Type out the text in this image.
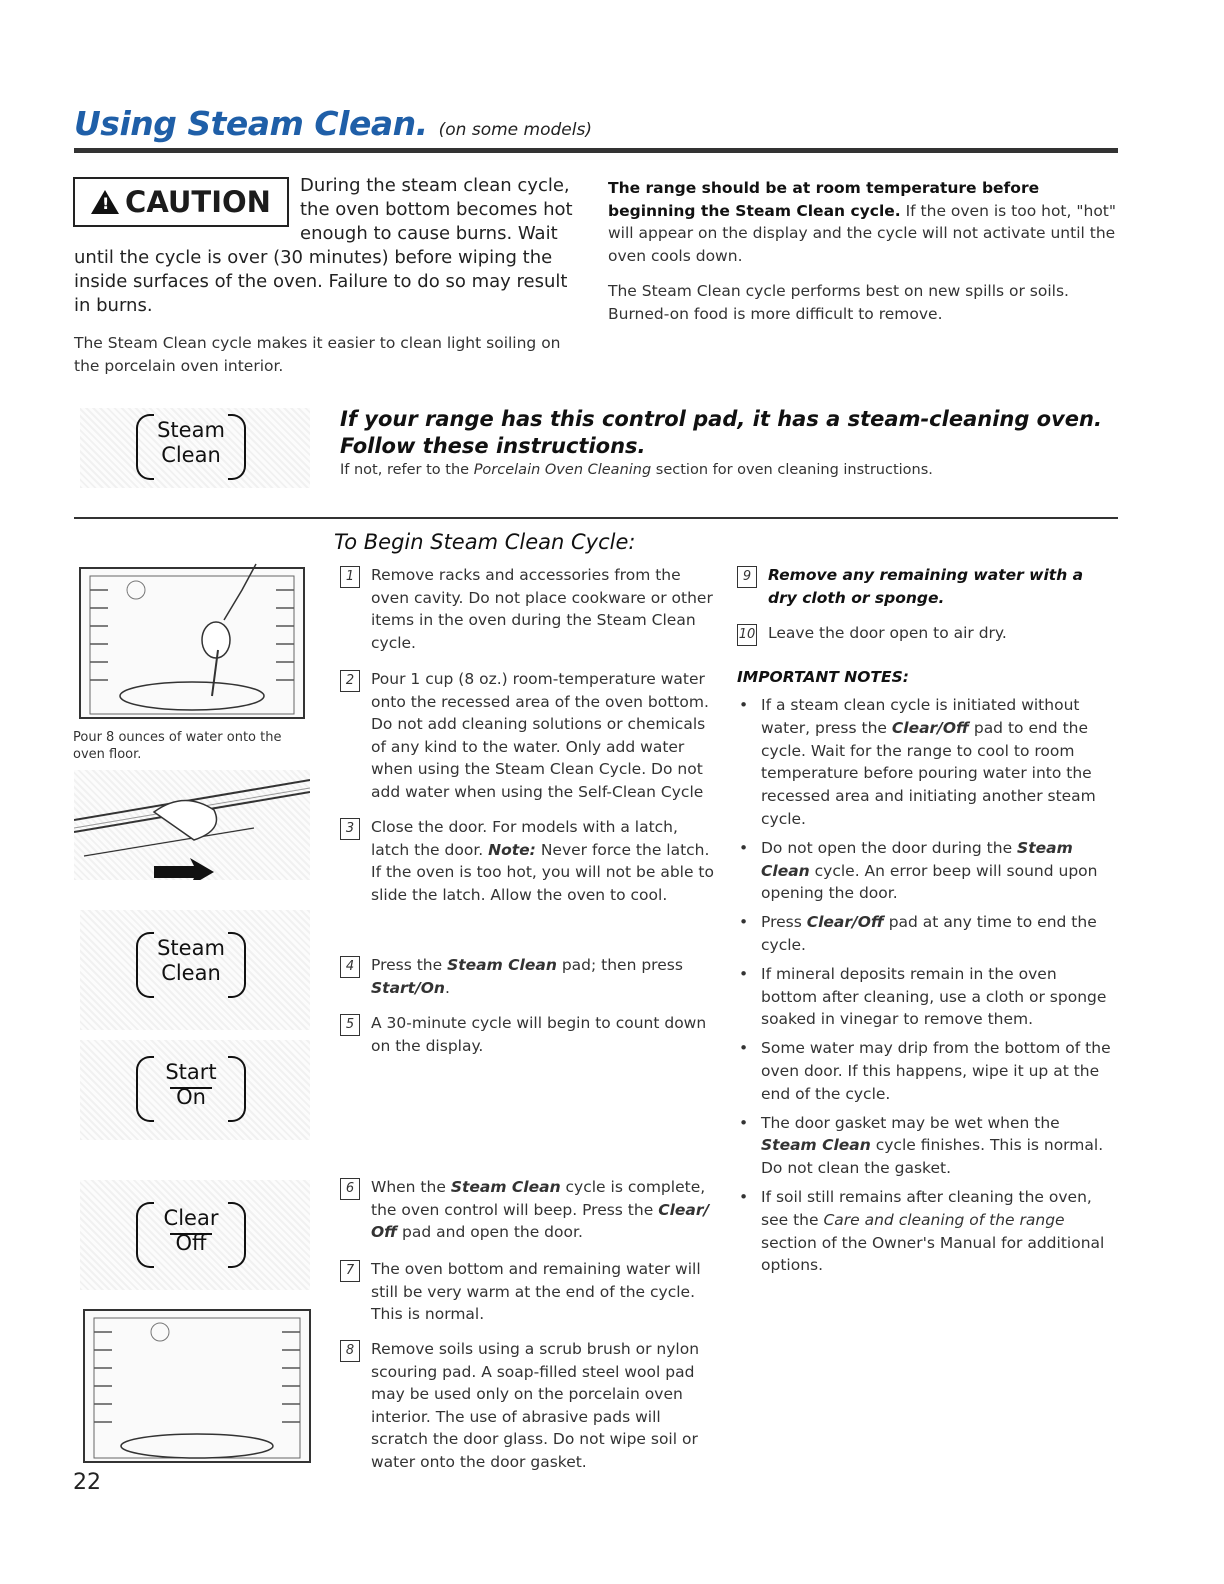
Using Steam Clean. (on some models)
!
CAUTION During the steam clean cycle,
the oven bottom becomes hot
enough to cause burns. Wait
until the cycle is over (30 minutes) before wiping the inside surfaces of the oven. Failure to do so may result in burns.
The Steam Clean cycle makes it easier to clean light soiling on the porcelain oven interior.
The range should be at room temperature before beginning the Steam Clean cycle. If the oven is too hot, "hot" will appear on the display and the cycle will not activate until the oven cools down.
The Steam Clean cycle performs best on new spills or soils. Burned-on food is more difficult to remove.
Steam
Clean
If your range has this control pad, it has a steam-cleaning oven. Follow these instructions.
If not, refer to the Porcelain Oven Cleaning section for oven cleaning instructions.
Pour 8 ounces of water onto the oven floor.
Steam
Clean
Start
On
Clear
Off
22
To Begin Steam Clean Cycle:
1	Remove racks and accessories from the oven cavity. Do not place cookware or other items in the oven during the Steam Clean cycle.
2	Pour 1 cup (8 oz.) room-temperature water onto the recessed area of the oven bottom. Do not add cleaning solutions or chemicals of any kind to the water. Only add water when using the Steam Clean Cycle. Do not add water when using the Self-Clean Cycle
3	Close the door. For models with a latch, latch the door. Note: Never force the latch. If the oven is too hot, you will not be able to slide the latch. Allow the oven to cool.
4	Press the Steam Clean pad; then press Start/On.
5	A 30-minute cycle will begin to count down on the display.
6	When the Steam Clean cycle is complete, the oven control will beep. Press the Clear/ Off pad and open the door.
7	The oven bottom and remaining water will still be very warm at the end of the cycle. This is normal.
8	Remove soils using a scrub brush or nylon scouring pad. A soap-filled steel wool pad may be used only on the porcelain oven interior. The use of abrasive pads will scratch the door glass. Do not wipe soil or water onto the door gasket.
9	Remove any remaining water with a dry cloth or sponge.
10 Leave the door open to air dry.
IMPORTANT NOTES:
• If a steam clean cycle is initiated without water, press the Clear/Off pad to end the cycle. Wait for the range to cool to room temperature before pouring water into the recessed area and initiating another steam cycle.
• Do not open the door during the Steam Clean cycle. An error beep will sound upon opening the door.
• Press Clear/Off pad at any time to end the cycle.
• If mineral deposits remain in the oven bottom after cleaning, use a cloth or sponge soaked in vinegar to remove them.
• Some water may drip from the bottom of the oven door. If this happens, wipe it up at the end of the cycle.
• The door gasket may be wet when the Steam Clean cycle finishes. This is normal. Do not clean the gasket.
• If soil still remains after cleaning the oven, see the Care and cleaning of the range section of the Owner's Manual for additional options.
